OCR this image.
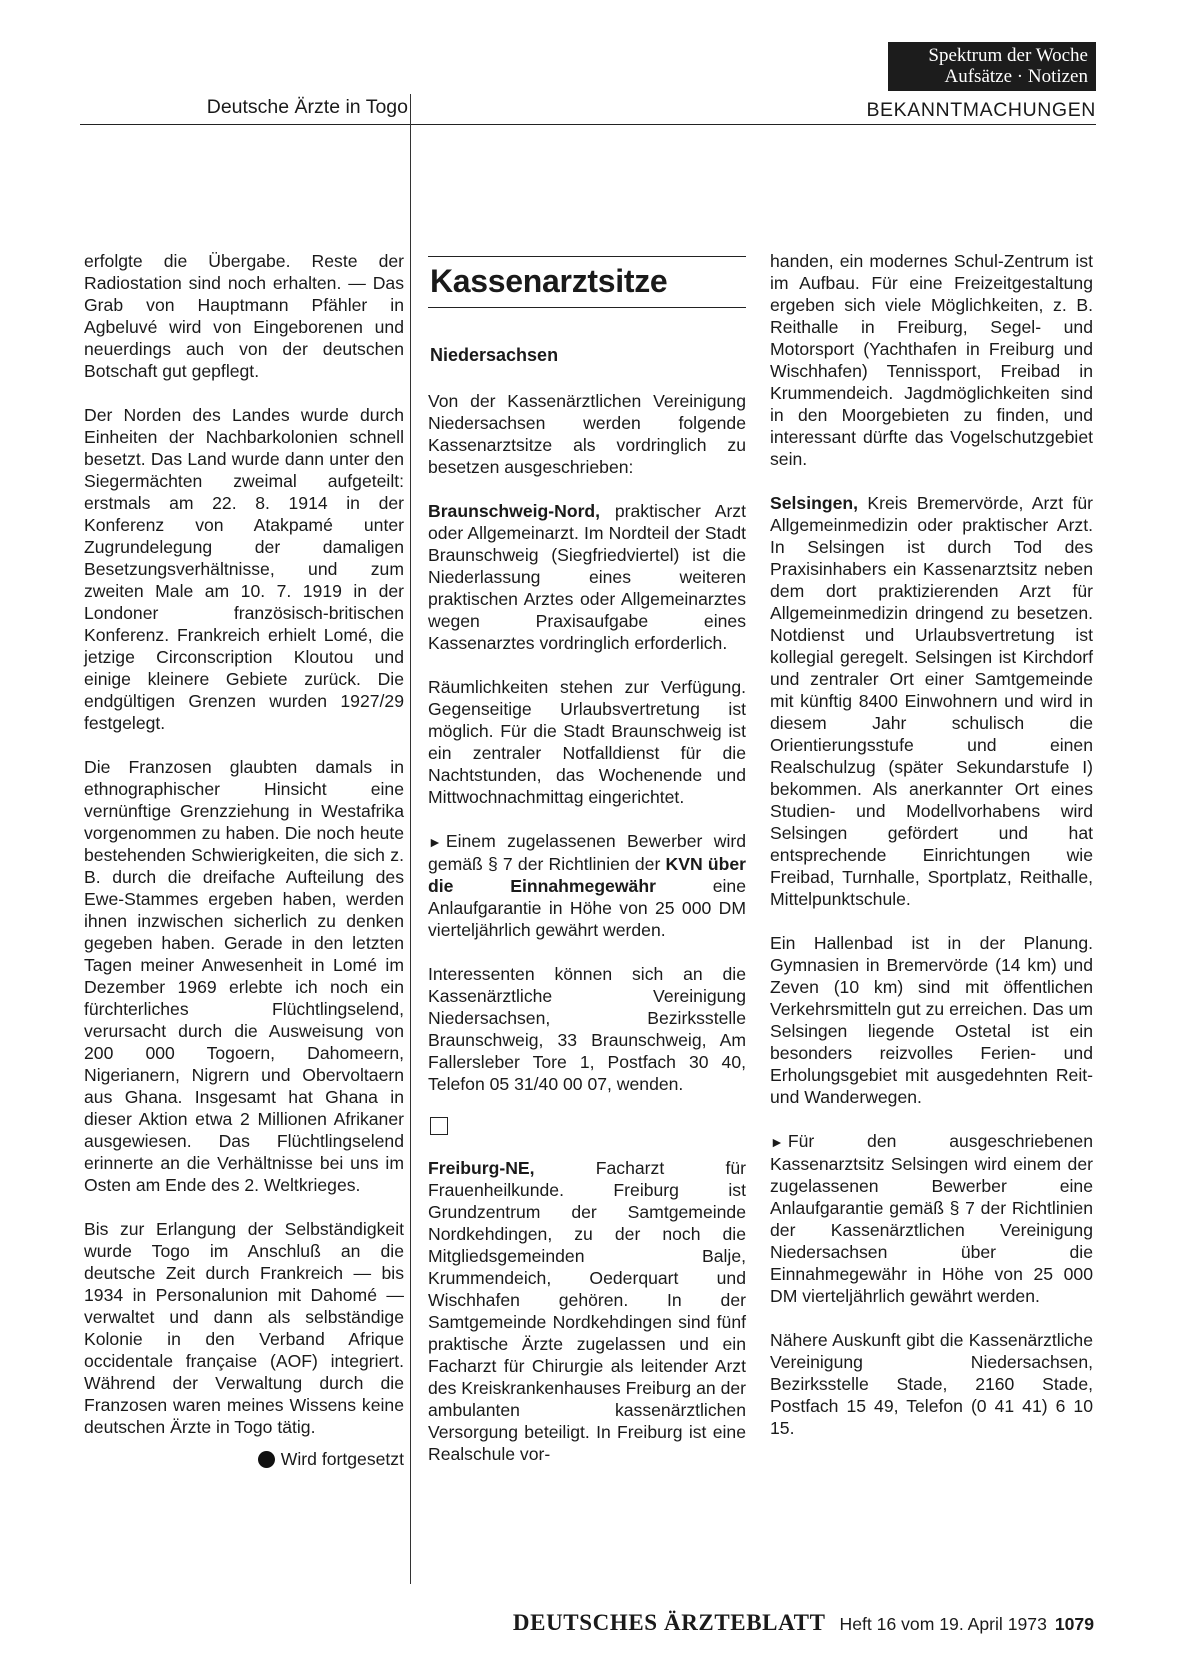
Spektrum der Woche
Aufsätze · Notizen
Deutsche Ärzte in Togo	BEKANNTMACHUNGEN

erfolgte die Übergabe. Reste der Radiostation sind noch erhalten. — Das Grab von Hauptmann Pfähler in Agbeluvé wird von Eingeborenen und neuerdings auch von der deutschen Botschaft gut gepflegt.

Der Norden des Landes wurde durch Einheiten der Nachbarkolonien schnell besetzt. Das Land wurde dann unter den Siegermächten zweimal aufgeteilt: erstmals am 22. 8. 1914 in der Konferenz von Atakpamé unter Zugrundelegung der damaligen Besetzungsverhältnisse, und zum zweiten Male am 10. 7. 1919 in der Londoner französisch-britischen Konferenz. Frankreich erhielt Lomé, die jetzige Circonscription Kloutou und einige kleinere Gebiete zurück. Die endgültigen Grenzen wurden 1927/29 festgelegt.

Die Franzosen glaubten damals in ethnographischer Hinsicht eine vernünftige Grenzziehung in Westafrika vorgenommen zu haben. Die noch heute bestehenden Schwierigkeiten, die sich z. B. durch die dreifache Aufteilung des Ewe-Stammes ergeben haben, werden ihnen inzwischen sicherlich zu denken gegeben haben. Gerade in den letzten Tagen meiner Anwesenheit in Lomé im Dezember 1969 erlebte ich noch ein fürchterliches Flüchtlingselend, verursacht durch die Ausweisung von 200 000 Togoern, Dahomeern, Nigerianern, Nigrern und Obervoltaern aus Ghana. Insgesamt hat Ghana in dieser Aktion etwa 2 Millionen Afrikaner ausgewiesen. Das Flüchtlingselend erinnerte an die Verhältnisse bei uns im Osten am Ende des 2. Weltkrieges.

Bis zur Erlangung der Selbständigkeit wurde Togo im Anschluß an die deutsche Zeit durch Frankreich — bis 1934 in Personalunion mit Dahomé — verwaltet und dann als selbständige Kolonie in den Verband Afrique occidentale française (AOF) integriert. Während der Verwaltung durch die Franzosen waren meines Wissens keine deutschen Ärzte in Togo tätig.

Wird fortgesetzt
Kassenarztsitze
Niedersachsen

Von der Kassenärztlichen Vereinigung Niedersachsen werden folgende Kassenarztsitze als vordringlich zu besetzen ausgeschrieben:

Braunschweig-Nord, praktischer Arzt oder Allgemeinarzt. Im Nordteil der Stadt Braunschweig (Siegfriedviertel) ist die Niederlassung eines weiteren praktischen Arztes oder Allgemeinarztes wegen Praxisaufgabe eines Kassenarztes vordringlich erforderlich.

Räumlichkeiten stehen zur Verfügung. Gegenseitige Urlaubsvertretung ist möglich. Für die Stadt Braunschweig ist ein zentraler Notfalldienst für die Nachtstunden, das Wochenende und Mittwochnachmittag eingerichtet.

► Einem zugelassenen Bewerber wird gemäß § 7 der Richtlinien der KVN über die Einnahmegewähr eine Anlaufgarantie in Höhe von 25 000 DM vierteljährlich gewährt werden.

Interessenten können sich an die Kassenärztliche Vereinigung Niedersachsen, Bezirksstelle Braunschweig, 33 Braunschweig, Am Fallersleber Tore 1, Postfach 30 40, Telefon 05 31/40 00 07, wenden.

Freiburg-NE, Facharzt für Frauenheilkunde. Freiburg ist Grundzentrum der Samtgemeinde Nordkehdingen, zu der noch die Mitgliedsgemeinden Balje, Krummendeich, Oederquart und Wischhafen gehören. In der Samtgemeinde Nordkehdingen sind fünf praktische Ärzte zugelassen und ein Facharzt für Chirurgie als leitender Arzt des Kreiskrankenhauses Freiburg an der ambulanten kassenärztlichen Versorgung beteiligt. In Freiburg ist eine Realschule vor-

handen, ein modernes Schul-Zentrum ist im Aufbau. Für eine Freizeitgestaltung ergeben sich viele Möglichkeiten, z. B. Reithalle in Freiburg, Segel- und Motorsport (Yachthafen in Freiburg und Wischhafen) Tennissport, Freibad in Krummendeich. Jagdmöglichkeiten sind in den Moorgebieten zu finden, und interessant dürfte das Vogelschutzgebiet sein.

Selsingen, Kreis Bremervörde, Arzt für Allgemeinmedizin oder praktischer Arzt. In Selsingen ist durch Tod des Praxisinhabers ein Kassenarztsitz neben dem dort praktizierenden Arzt für Allgemeinmedizin dringend zu besetzen. Notdienst und Urlaubsvertretung ist kollegial geregelt. Selsingen ist Kirchdorf und zentraler Ort einer Samtgemeinde mit künftig 8400 Einwohnern und wird in diesem Jahr schulisch die Orientierungsstufe und einen Realschulzug (später Sekundarstufe I) bekommen. Als anerkannter Ort eines Studien- und Modellvorhabens wird Selsingen gefördert und hat entsprechende Einrichtungen wie Freibad, Turnhalle, Sportplatz, Reithalle, Mittelpunktschule.

Ein Hallenbad ist in der Planung. Gymnasien in Bremervörde (14 km) und Zeven (10 km) sind mit öffentlichen Verkehrsmitteln gut zu erreichen. Das um Selsingen liegende Ostetal ist ein besonders reizvolles Ferien- und Erholungsgebiet mit ausgedehnten Reit- und Wanderwegen.

► Für den ausgeschriebenen Kassenarztsitz Selsingen wird einem der zugelassenen Bewerber eine Anlaufgarantie gemäß § 7 der Richtlinien der Kassenärztlichen Vereinigung Niedersachsen über die Einnahmegewähr in Höhe von 25 000 DM vierteljährlich gewährt werden.

Nähere Auskunft gibt die Kassenärztliche Vereinigung Niedersachsen, Bezirksstelle Stade, 2160 Stade, Postfach 15 49, Telefon (0 41 41) 6 10 15.

DEUTSCHES ÄRZTEBLATT Heft 16 vom 19. April 1973 1079
